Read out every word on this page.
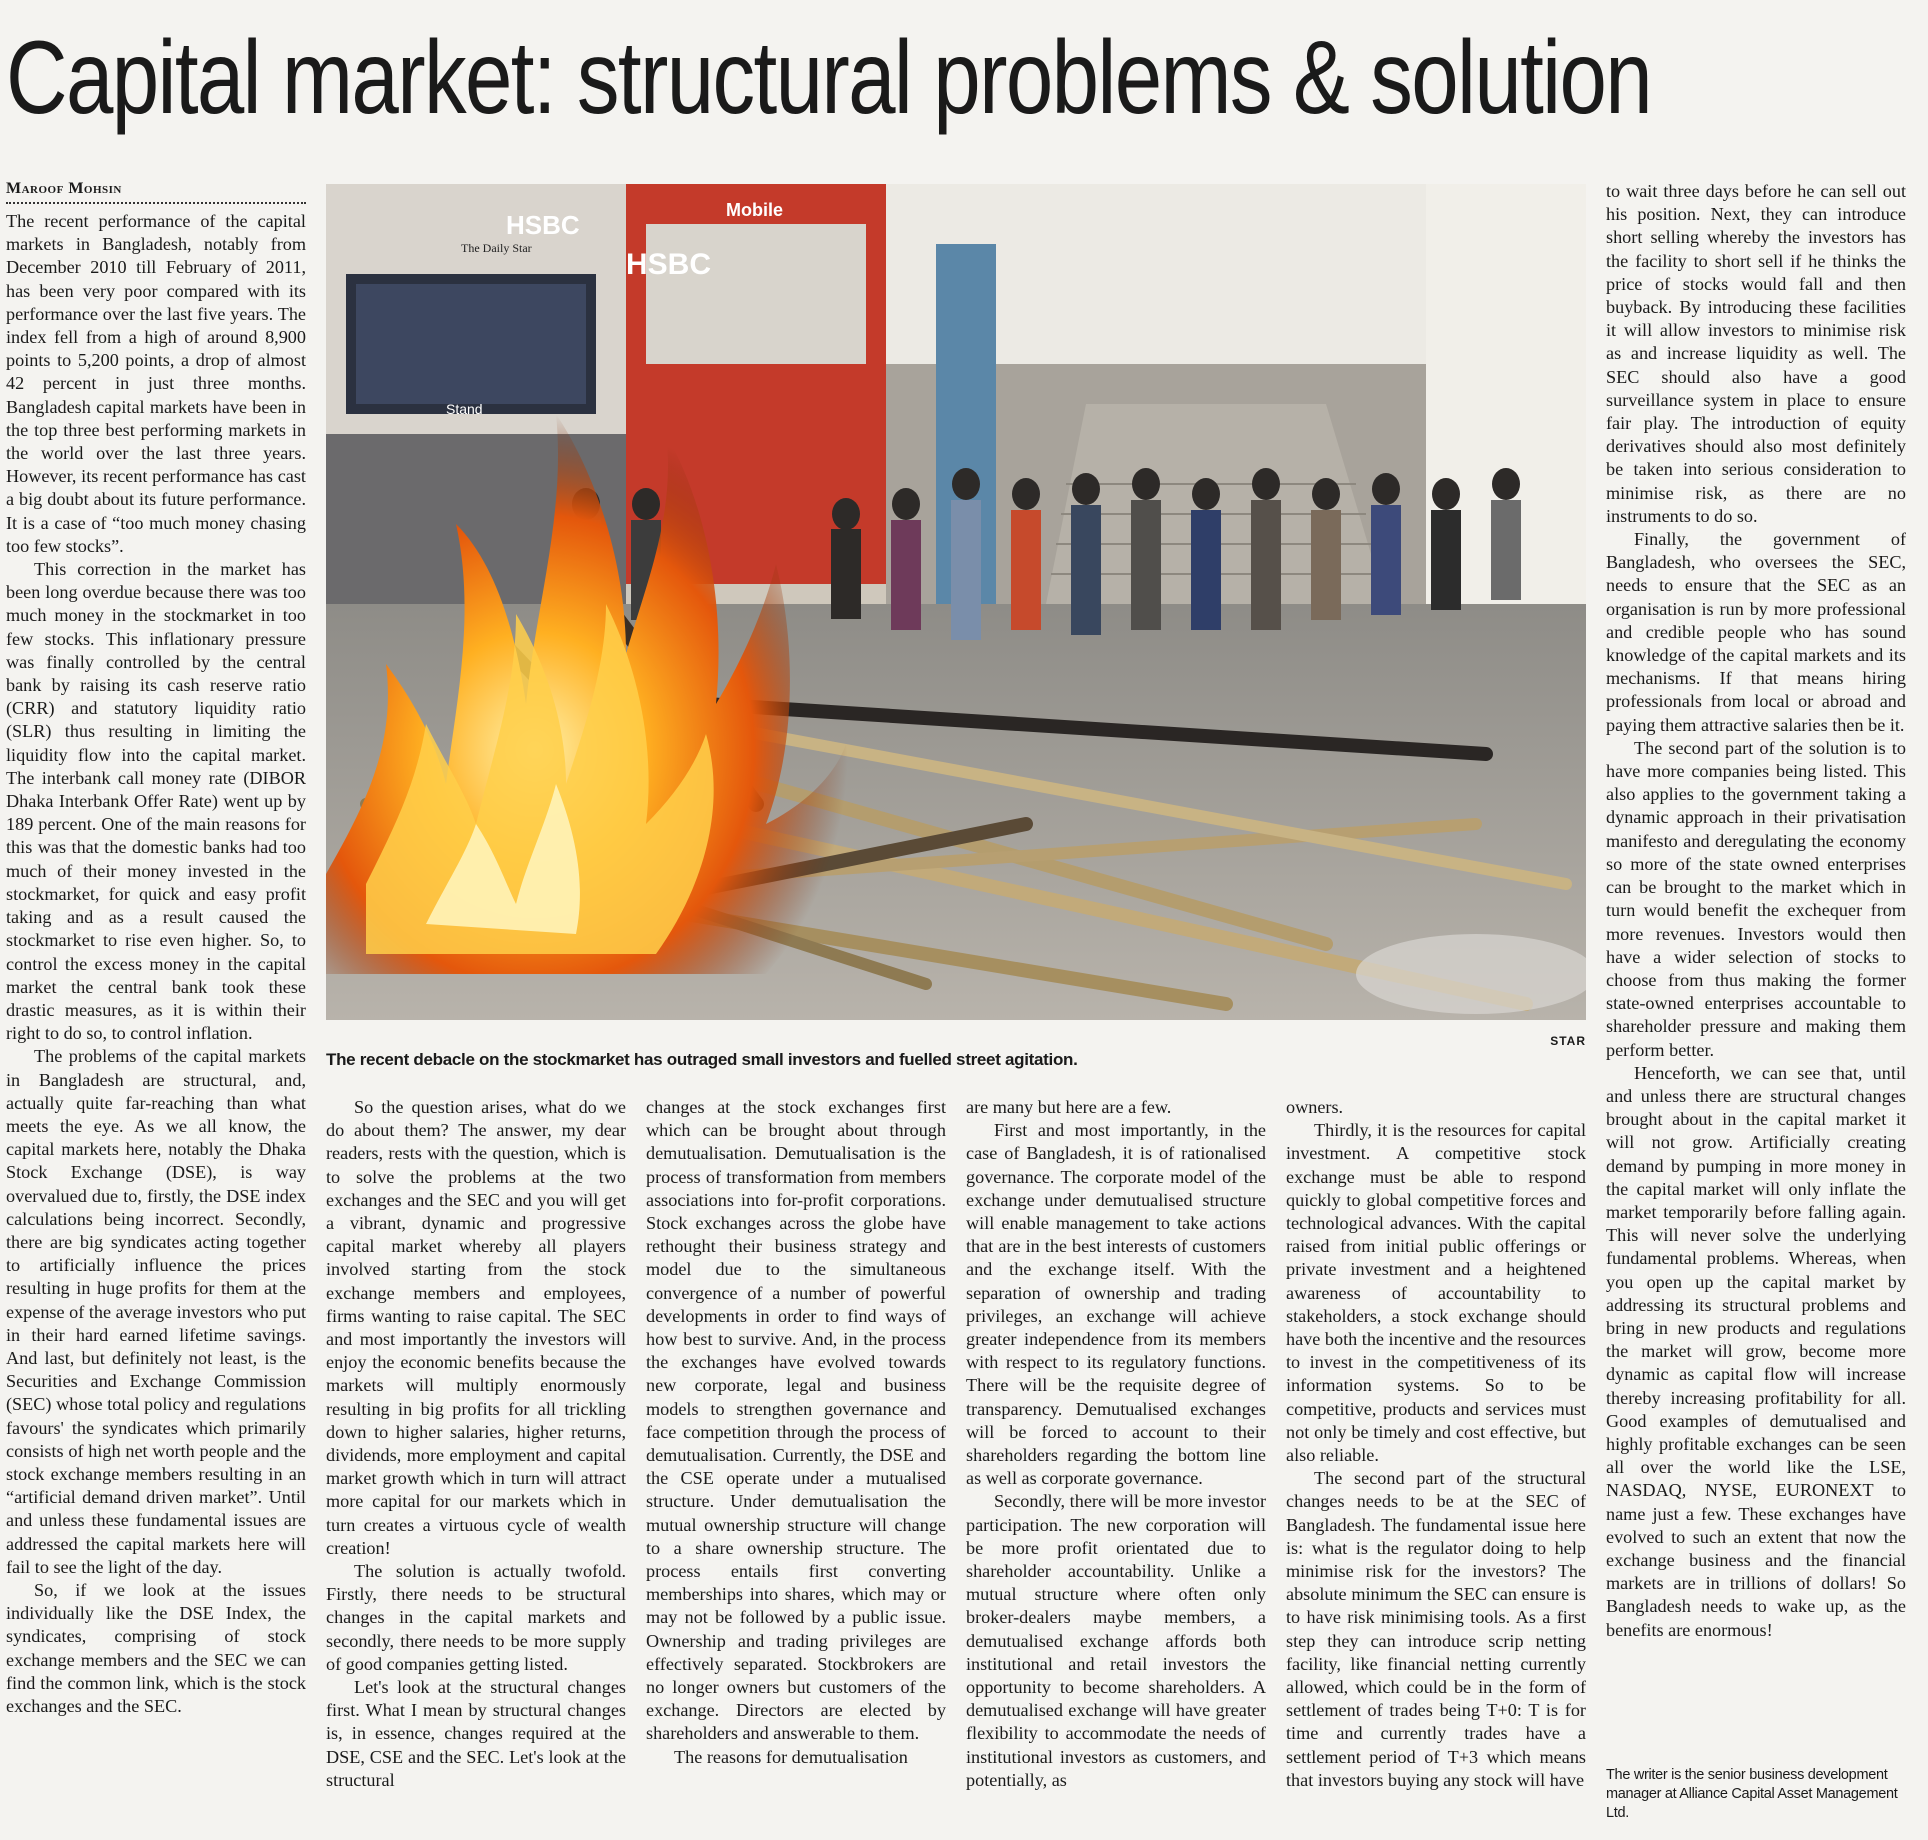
Capital market: structural problems & solution
Maroof Mohsin

The recent performance of the capital markets in Bangladesh, notably from December 2010 till February of 2011, has been very poor compared with its performance over the last five years. The index fell from a high of around 8,900 points to 5,200 points, a drop of almost 42 percent in just three months. Bangladesh capital markets have been in the top three best performing markets in the world over the last three years. However, its recent performance has cast a big doubt about its future performance. It is a case of “too much money chasing too few stocks”.

This correction in the market has been long overdue because there was too much money in the stockmarket in too few stocks. This inflationary pressure was finally controlled by the central bank by raising its cash reserve ratio (CRR) and statutory liquidity ratio (SLR) thus resulting in limiting the liquidity flow into the capital market. The interbank call money rate (DIBOR Dhaka Interbank Offer Rate) went up by 189 percent. One of the main reasons for this was that the domestic banks had too much of their money invested in the stockmarket, for quick and easy profit taking and as a result caused the stockmarket to rise even higher. So, to control the excess money in the capital market the central bank took these drastic measures, as it is within their right to do so, to control inflation.

The problems of the capital markets in Bangladesh are structural, and, actually quite far-reaching than what meets the eye. As we all know, the capital markets here, notably the Dhaka Stock Exchange (DSE), is way overvalued due to, firstly, the DSE index calculations being incorrect. Secondly, there are big syndicates acting together to artificially influence the prices resulting in huge profits for them at the expense of the average investors who put in their hard earned lifetime savings. And last, but definitely not least, is the Securities and Exchange Commission (SEC) whose total policy and regulations favours' the syndicates which primarily consists of high net worth people and the stock exchange members resulting in an “artificial demand driven market”. Until and unless these fundamental issues are addressed the capital markets here will fail to see the light of the day.

So, if we look at the issues individually like the DSE Index, the syndicates, comprising of stock exchange members and the SEC we can find the common link, which is the stock exchanges and the SEC.

HSBC
HSBC
Mobile
Stand
The Daily Star
STAR
The recent debacle on the stockmarket has outraged small investors and fuelled street agitation.

So the question arises, what do we do about them? The answer, my dear readers, rests with the question, which is to solve the problems at the two exchanges and the SEC and you will get a vibrant, dynamic and progressive capital market whereby all players involved starting from the stock exchange members and employees, firms wanting to raise capital. The SEC and most importantly the investors will enjoy the economic benefits because the markets will multiply enormously resulting in big profits for all trickling down to higher salaries, higher returns, dividends, more employment and capital market growth which in turn will attract more capital for our markets which in turn creates a virtuous cycle of wealth creation!

The solution is actually twofold. Firstly, there needs to be structural changes in the capital markets and secondly, there needs to be more supply of good companies getting listed.

Let's look at the structural changes first. What I mean by structural changes is, in essence, changes required at the DSE, CSE and the SEC. Let's look at the structural

changes at the stock exchanges first which can be brought about through demutualisation. Demutualisation is the process of transformation from members associations into for-profit corporations. Stock exchanges across the globe have rethought their business strategy and model due to the simultaneous convergence of a number of powerful developments in order to find ways of how best to survive. And, in the process the exchanges have evolved towards new corporate, legal and business models to strengthen governance and face competition through the process of demutualisation. Currently, the DSE and the CSE operate under a mutualised structure. Under demutualisation the mutual ownership structure will change to a share ownership structure. The process entails first converting memberships into shares, which may or may not be followed by a public issue. Ownership and trading privileges are effectively separated. Stockbrokers are no longer owners but customers of the exchange. Directors are elected by shareholders and answerable to them.

The reasons for demutualisation

are many but here are a few.

First and most importantly, in the case of Bangladesh, it is of rationalised governance. The corporate model of the exchange under demutualised structure will enable management to take actions that are in the best interests of customers and the exchange itself. With the separation of ownership and trading privileges, an exchange will achieve greater independence from its members with respect to its regulatory functions. There will be the requisite degree of transparency. Demutualised exchanges will be forced to account to their shareholders regarding the bottom line as well as corporate governance.

Secondly, there will be more investor participation. The new corporation will be more profit orientated due to shareholder accountability. Unlike a mutual structure where often only broker-dealers maybe members, a demutualised exchange affords both institutional and retail investors the opportunity to become shareholders. A demutualised exchange will have greater flexibility to accommodate the needs of institutional investors as customers, and potentially, as

owners.

Thirdly, it is the resources for capital investment. A competitive stock exchange must be able to respond quickly to global competitive forces and technological advances. With the capital raised from initial public offerings or private investment and a heightened awareness of accountability to stakeholders, a stock exchange should have both the incentive and the resources to invest in the competitiveness of its information systems. So to be competitive, products and services must not only be timely and cost effective, but also reliable.

The second part of the structural changes needs to be at the SEC of Bangladesh. The fundamental issue here is: what is the regulator doing to help minimise risk for the investors? The absolute minimum the SEC can ensure is to have risk minimising tools. As a first step they can introduce scrip netting facility, like financial netting currently allowed, which could be in the form of settlement of trades being T+0: T is for time and currently trades have a settlement period of T+3 which means that investors buying any stock will have

to wait three days before he can sell out his position. Next, they can introduce short selling whereby the investors has the facility to short sell if he thinks the price of stocks would fall and then buyback. By introducing these facilities it will allow investors to minimise risk as and increase liquidity as well. The SEC should also have a good surveillance system in place to ensure fair play. The introduction of equity derivatives should also most definitely be taken into serious consideration to minimise risk, as there are no instruments to do so.

Finally, the government of Bangladesh, who oversees the SEC, needs to ensure that the SEC as an organisation is run by more professional and credible people who has sound knowledge of the capital markets and its mechanisms. If that means hiring professionals from local or abroad and paying them attractive salaries then be it.

The second part of the solution is to have more companies being listed. This also applies to the government taking a dynamic approach in their privatisation manifesto and deregulating the economy so more of the state owned enterprises can be brought to the market which in turn would benefit the exchequer from more revenues. Investors would then have a wider selection of stocks to choose from thus making the former state-owned enterprises accountable to shareholder pressure and making them perform better.

Henceforth, we can see that, until and unless there are structural changes brought about in the capital market it will not grow. Artificially creating demand by pumping in more money in the capital market will only inflate the market temporarily before falling again. This will never solve the underlying fundamental problems. Whereas, when you open up the capital market by addressing its structural problems and bring in new products and regulations the market will grow, become more dynamic as capital flow will increase thereby increasing profitability for all. Good examples of demutualised and highly profitable exchanges can be seen all over the world like the LSE, NASDAQ, NYSE, EURONEXT to name just a few. These exchanges have evolved to such an extent that now the exchange business and the financial markets are in trillions of dollars! So Bangladesh needs to wake up, as the benefits are enormous!

The writer is the senior business development manager at Alliance Capital Asset Management Ltd.
